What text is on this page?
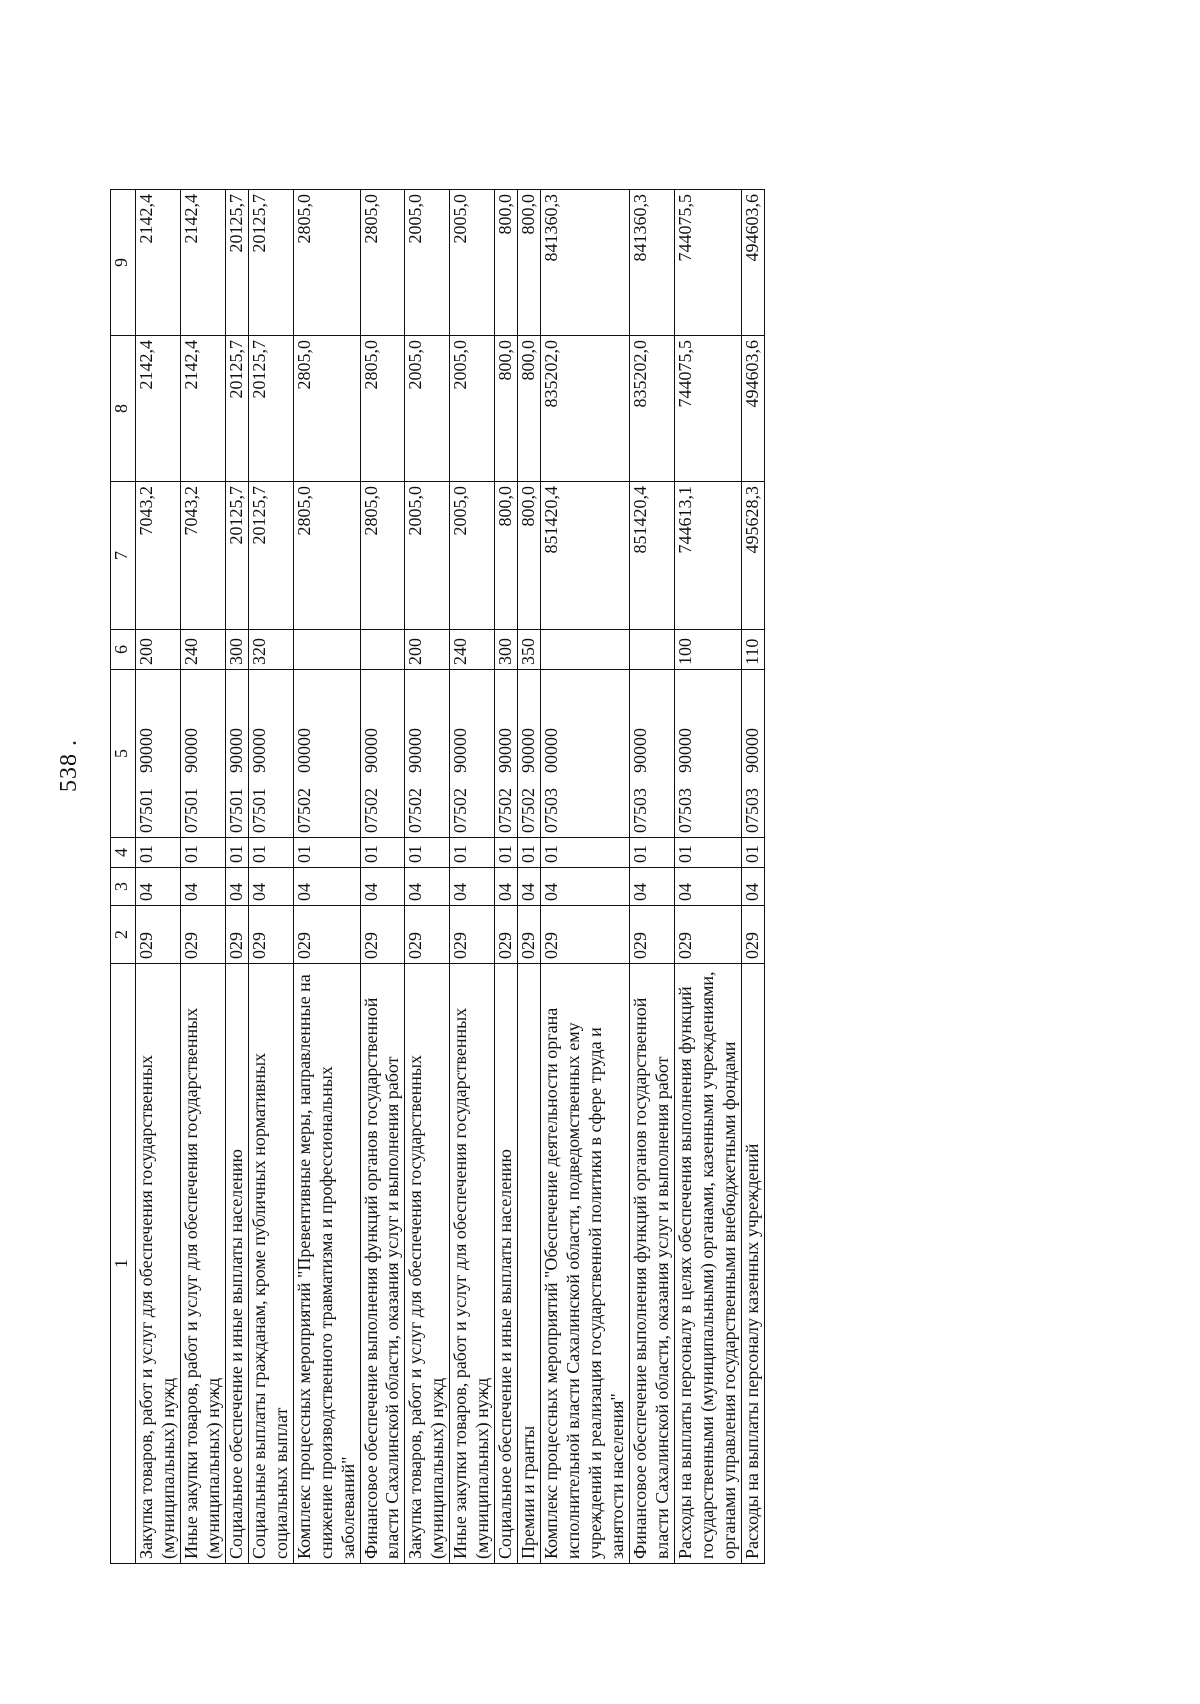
538 .
1	2	3	4	5	6	7	8	9
Закупка товаров, работ и услуг для обеспечения государственных (муниципальных) нужд	029	04	01	0750190000	200	7043,2	2142,4	2142,4
Иные закупки товаров, работ и услуг для обеспечения государственных (муниципальных) нужд	029	04	01	0750190000	240	7043,2	2142,4	2142,4
Социальное обеспечение и иные выплаты населению	029	04	01	0750190000	300	20125,7	20125,7	20125,7
Социальные выплаты гражданам, кроме публичных нормативных социальных выплат	029	04	01	0750190000	320	20125,7	20125,7	20125,7
Комплекс процессных мероприятий "Превентивные меры, направленные на снижение производственного травматизма и профессиональных заболеваний"	029	04	01	0750200000		2805,0	2805,0	2805,0
Финансовое обеспечение выполнения функций органов государственной власти Сахалинской области, оказания услуг и выполнения работ	029	04	01	0750290000		2805,0	2805,0	2805,0
Закупка товаров, работ и услуг для обеспечения государственных (муниципальных) нужд	029	04	01	0750290000	200	2005,0	2005,0	2005,0
Иные закупки товаров, работ и услуг для обеспечения государственных (муниципальных) нужд	029	04	01	0750290000	240	2005,0	2005,0	2005,0
Социальное обеспечение и иные выплаты населению	029	04	01	0750290000	300	800,0	800,0	800,0
Премии и гранты	029	04	01	0750290000	350	800,0	800,0	800,0
Комплекс процессных мероприятий "Обеспечение деятельности органа исполнительной власти Сахалинской области, подведомственных ему учреждений и реализация государственной политики в сфере труда и занятости населения"	029	04	01	0750300000		851420,4	835202,0	841360,3
Финансовое обеспечение выполнения функций органов государственной власти Сахалинской области, оказания услуг и выполнения работ	029	04	01	0750390000		851420,4	835202,0	841360,3
Расходы на выплаты персоналу в целях обеспечения выполнения функций государственными (муниципальными) органами, казенными учреждениями, органами управления государственными внебюджетными фондами	029	04	01	0750390000	100	744613,1	744075,5	744075,5
Расходы на выплаты персоналу казенных учреждений	029	04	01	0750390000	110	495628,3	494603,6	494603,6
